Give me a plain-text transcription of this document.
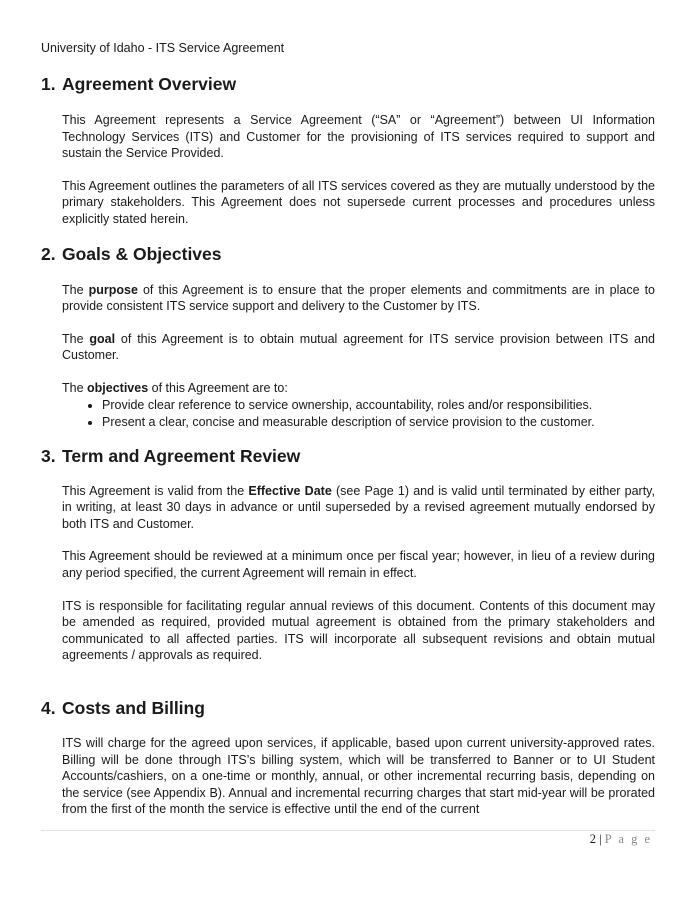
University of Idaho - ITS Service Agreement
1. Agreement Overview

This Agreement represents a Service Agreement (“SA” or “Agreement”) between UI Information Technology Services (ITS) and Customer for the provisioning of ITS services required to support and sustain the Service Provided.

This Agreement outlines the parameters of all ITS services covered as they are mutually understood by the primary stakeholders. This Agreement does not supersede current processes and procedures unless explicitly stated herein.

2. Goals & Objectives

The purpose of this Agreement is to ensure that the proper elements and commitments are in place to provide consistent ITS service support and delivery to the Customer by ITS.

The goal of this Agreement is to obtain mutual agreement for ITS service provision between ITS and Customer.

The objectives of this Agreement are to:

• Provide clear reference to service ownership, accountability, roles and/or responsibilities.
• Present a clear, concise and measurable description of service provision to the customer.
3. Term and Agreement Review

This Agreement is valid from the Effective Date (see Page 1) and is valid until terminated by either party, in writing, at least 30 days in advance or until superseded by a revised agreement mutually endorsed by both ITS and Customer.

This Agreement should be reviewed at a minimum once per fiscal year; however, in lieu of a review during any period specified, the current Agreement will remain in effect.

ITS is responsible for facilitating regular annual reviews of this document. Contents of this document may be amended as required, provided mutual agreement is obtained from the primary stakeholders and communicated to all affected parties. ITS will incorporate all subsequent revisions and obtain mutual agreements / approvals as required.

4. Costs and Billing

ITS will charge for the agreed upon services, if applicable, based upon current university-approved rates. Billing will be done through ITS’s billing system, which will be transferred to Banner or to UI Student Accounts/cashiers, on a one-time or monthly, annual, or other incremental recurring basis, depending on the service (see Appendix B). Annual and incremental recurring charges that start mid-year will be prorated from the first of the month the service is effective until the end of the current

2 | P a g e
